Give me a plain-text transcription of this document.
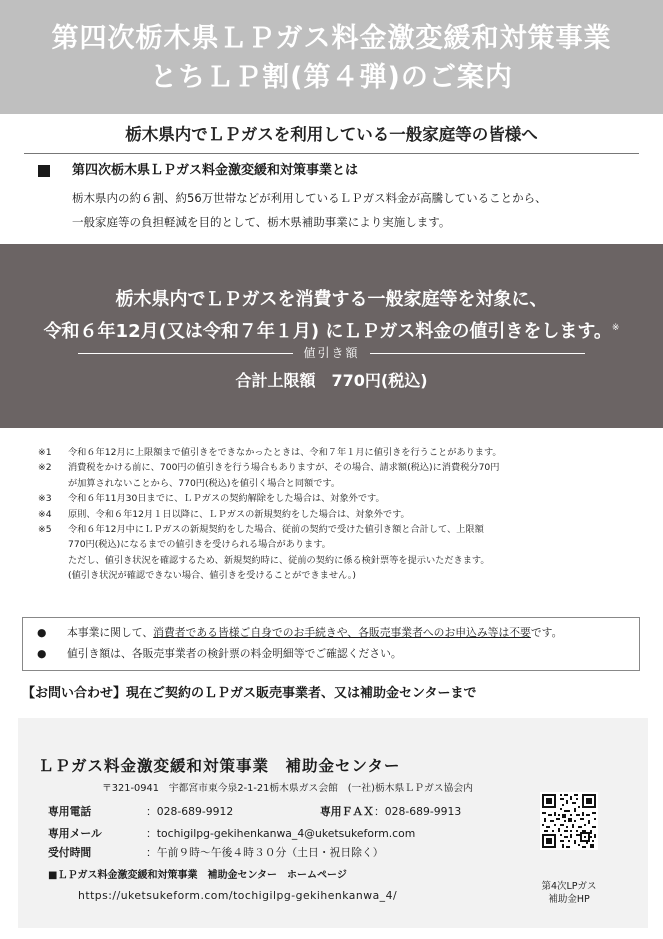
第四次栃木県ＬＰガス料金激変緩和対策事業
とちＬＰ割(第４弾)のご案内
栃木県内でＬＰガスを利用している一般家庭等の皆様へ
第四次栃木県ＬＰガス料金激変緩和対策事業とは
栃木県内の約６割、約56万世帯などが利用しているＬＰガス料金が高騰していることから、
一般家庭等の負担軽減を目的として、栃木県補助事業により実施します。
栃木県内でＬＰガスを消費する一般家庭等を対象に、
令和６年12月(又は令和７年１月) にＬＰガス料金の値引きをします。※
値引き額
合計上限額　770円(税込)
※1	令和６年12月に上限額まで値引きをできなかったときは、令和７年１月に値引きを行うことがあります。
※2	消費税をかける前に、700円の値引きを行う場合もありますが、その場合、請求額(税込)に消費税分70円
が加算されないことから、770円(税込)を値引く場合と同額です。
※3	令和６年11月30日までに、ＬＰガスの契約解除をした場合は、対象外です。
※4	原則、令和６年12月１日以降に、ＬＰガスの新規契約をした場合は、対象外です。
※5	令和６年12月中にＬＰガスの新規契約をした場合、従前の契約で受けた値引き額と合計して、上限額
770円(税込)になるまでの値引きを受けられる場合があります。
ただし、値引き状況を確認するため、新規契約時に、従前の契約に係る検針票等を提示いただきます。
(値引き状況が確認できない場合、値引きを受けることができません。)
●	本事業に関して、 消費者である皆様ご自身でのお手続きや、各販売事業者へのお申込み等は不要 です。
●	値引き額は、各販売事業者の検針票の料金明細等でご確認ください。
【お問い合わせ】現在ご契約のＬＰガス販売事業者、又は補助金センターまで
ＬＰガス料金激変緩和対策事業　補助金センター
〒321-0941　宇都宮市東今泉2-1-21栃木県ガス会館　(一社)栃木県ＬＰガス協会内
専用電話	：028-689-9912	専用ＦＡＸ：028-689-9913
専用メール	：tochigilpg-gekihenkanwa_4@uketsukeform.com
受付時間	：午前９時～午後４時３０分（土日・祝日除く）
■ＬＰガス料金激変緩和対策事業　補助金センター　ホームページ
https://uketsukeform.com/tochigilpg-gekihenkanwa_4/
第4次LPガス
補助金HP
